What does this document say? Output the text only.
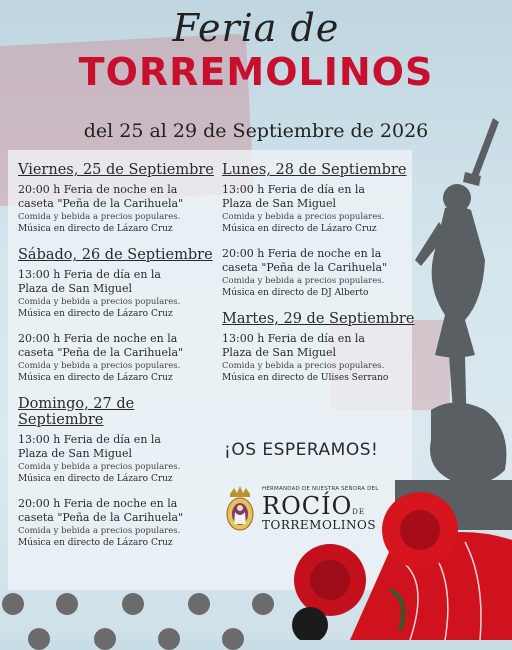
Feria de
TORREMOLINOS
del 25 al 29 de Septiembre de 2026
Viernes, 25 de Septiembre
20:00 h Feria de noche en la
caseta "Peña de la Carihuela"
Comida y bebida a precios populares.
Música en directo de Lázaro Cruz
Sábado, 26 de Septiembre
13:00 h Feria de día en la
Plaza de San Miguel
Comida y bebida a precios populares.
Música en directo de Lázaro Cruz
20:00 h Feria de noche en la
caseta "Peña de la Carihuela"
Comida y bebida a precios populares.
Música en directo de Lázaro Cruz
Domingo, 27 de Septiembre
13:00 h Feria de día en la
Plaza de San Miguel
Comida y bebida a precios populares.
Música en directo de Lázaro Cruz
20:00 h Feria de noche en la
caseta "Peña de la Carihuela"
Comida y bebida a precios populares.
Música en directo de Lázaro Cruz
Lunes, 28 de Septiembre
13:00 h Feria de día en la
Plaza de San Miguel
Comida y bebida a precios populares.
Música en directo de Lázaro Cruz
20:00 h Feria de noche en la
caseta "Peña de la Carihuela"
Comida y bebida a precios populares.
Música en directo de DJ Alberto
Martes, 29 de Septiembre
13:00 h Feria de día en la
Plaza de San Miguel
Comida y bebida a precios populares.
Música en directo de Ulises Serrano
¡OS ESPERAMOS!
HERMANDAD DE NUESTRA SEÑORA DEL
ROCÍODE
TORREMOLINOS
